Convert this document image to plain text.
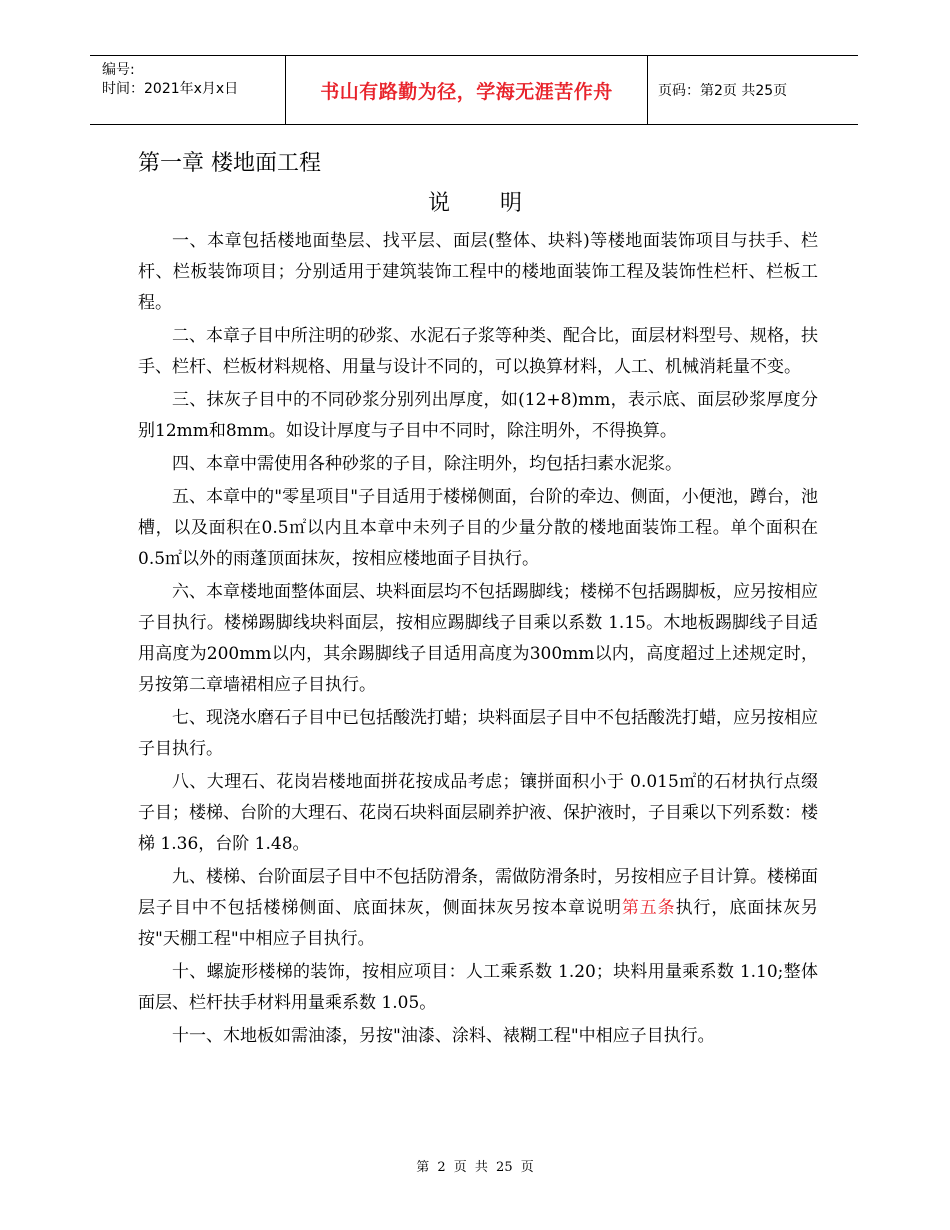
编号:
时间：2021年x月x日	书山有路勤为径，学海无涯苦作舟	页码：第2页 共25页
第一章 楼地面工程
说明

一、本章包括楼地面垫层、找平层、面层(整体、块料)等楼地面装饰项目与扶手、栏杆、栏板装饰项目；分别适用于建筑装饰工程中的楼地面装饰工程及装饰性栏杆、栏板工程。

二、本章子目中所注明的砂浆、水泥石子浆等种类、配合比，面层材料型号、规格，扶手、栏杆、栏板材料规格、用量与设计不同的，可以换算材料，人工、机械消耗量不变。

三、抹灰子目中的不同砂浆分别列出厚度，如(12+8)mm，表示底、面层砂浆厚度分别12mm和8mm。如设计厚度与子目中不同时，除注明外，不得换算。

四、本章中需使用各种砂浆的子目，除注明外，均包括扫素水泥浆。

五、本章中的"零星项目"子目适用于楼梯侧面，台阶的牵边、侧面，小便池，蹲台，池槽，以及面积在0.5㎡以内且本章中未列子目的少量分散的楼地面装饰工程。单个面积在0.5㎡以外的雨蓬顶面抹灰，按相应楼地面子目执行。

六、本章楼地面整体面层、块料面层均不包括踢脚线；楼梯不包括踢脚板，应另按相应子目执行。楼梯踢脚线块料面层，按相应踢脚线子目乘以系数 1.15。木地板踢脚线子目适用高度为200mm以内，其余踢脚线子目适用高度为300mm以内，高度超过上述规定时，另按第二章墙裙相应子目执行。

七、现浇水磨石子目中已包括酸洗打蜡；块料面层子目中不包括酸洗打蜡，应另按相应子目执行。

八、大理石、花岗岩楼地面拼花按成品考虑；镶拼面积小于 0.015㎡的石材执行点缀子目；楼梯、台阶的大理石、花岗石块料面层刷养护液、保护液时，子目乘以下列系数：楼梯 1.36，台阶 1.48。

九、楼梯、台阶面层子目中不包括防滑条，需做防滑条时，另按相应子目计算。楼梯面层子目中不包括楼梯侧面、底面抹灰，侧面抹灰另按本章说明第五条执行，底面抹灰另按"天棚工程"中相应子目执行。

十、螺旋形楼梯的装饰，按相应项目：人工乘系数 1.20；块料用量乘系数 1.10;整体面层、栏杆扶手材料用量乘系数 1.05。

十一、木地板如需油漆，另按"油漆、涂料、裱糊工程"中相应子目执行。

第 2 页 共 25 页
